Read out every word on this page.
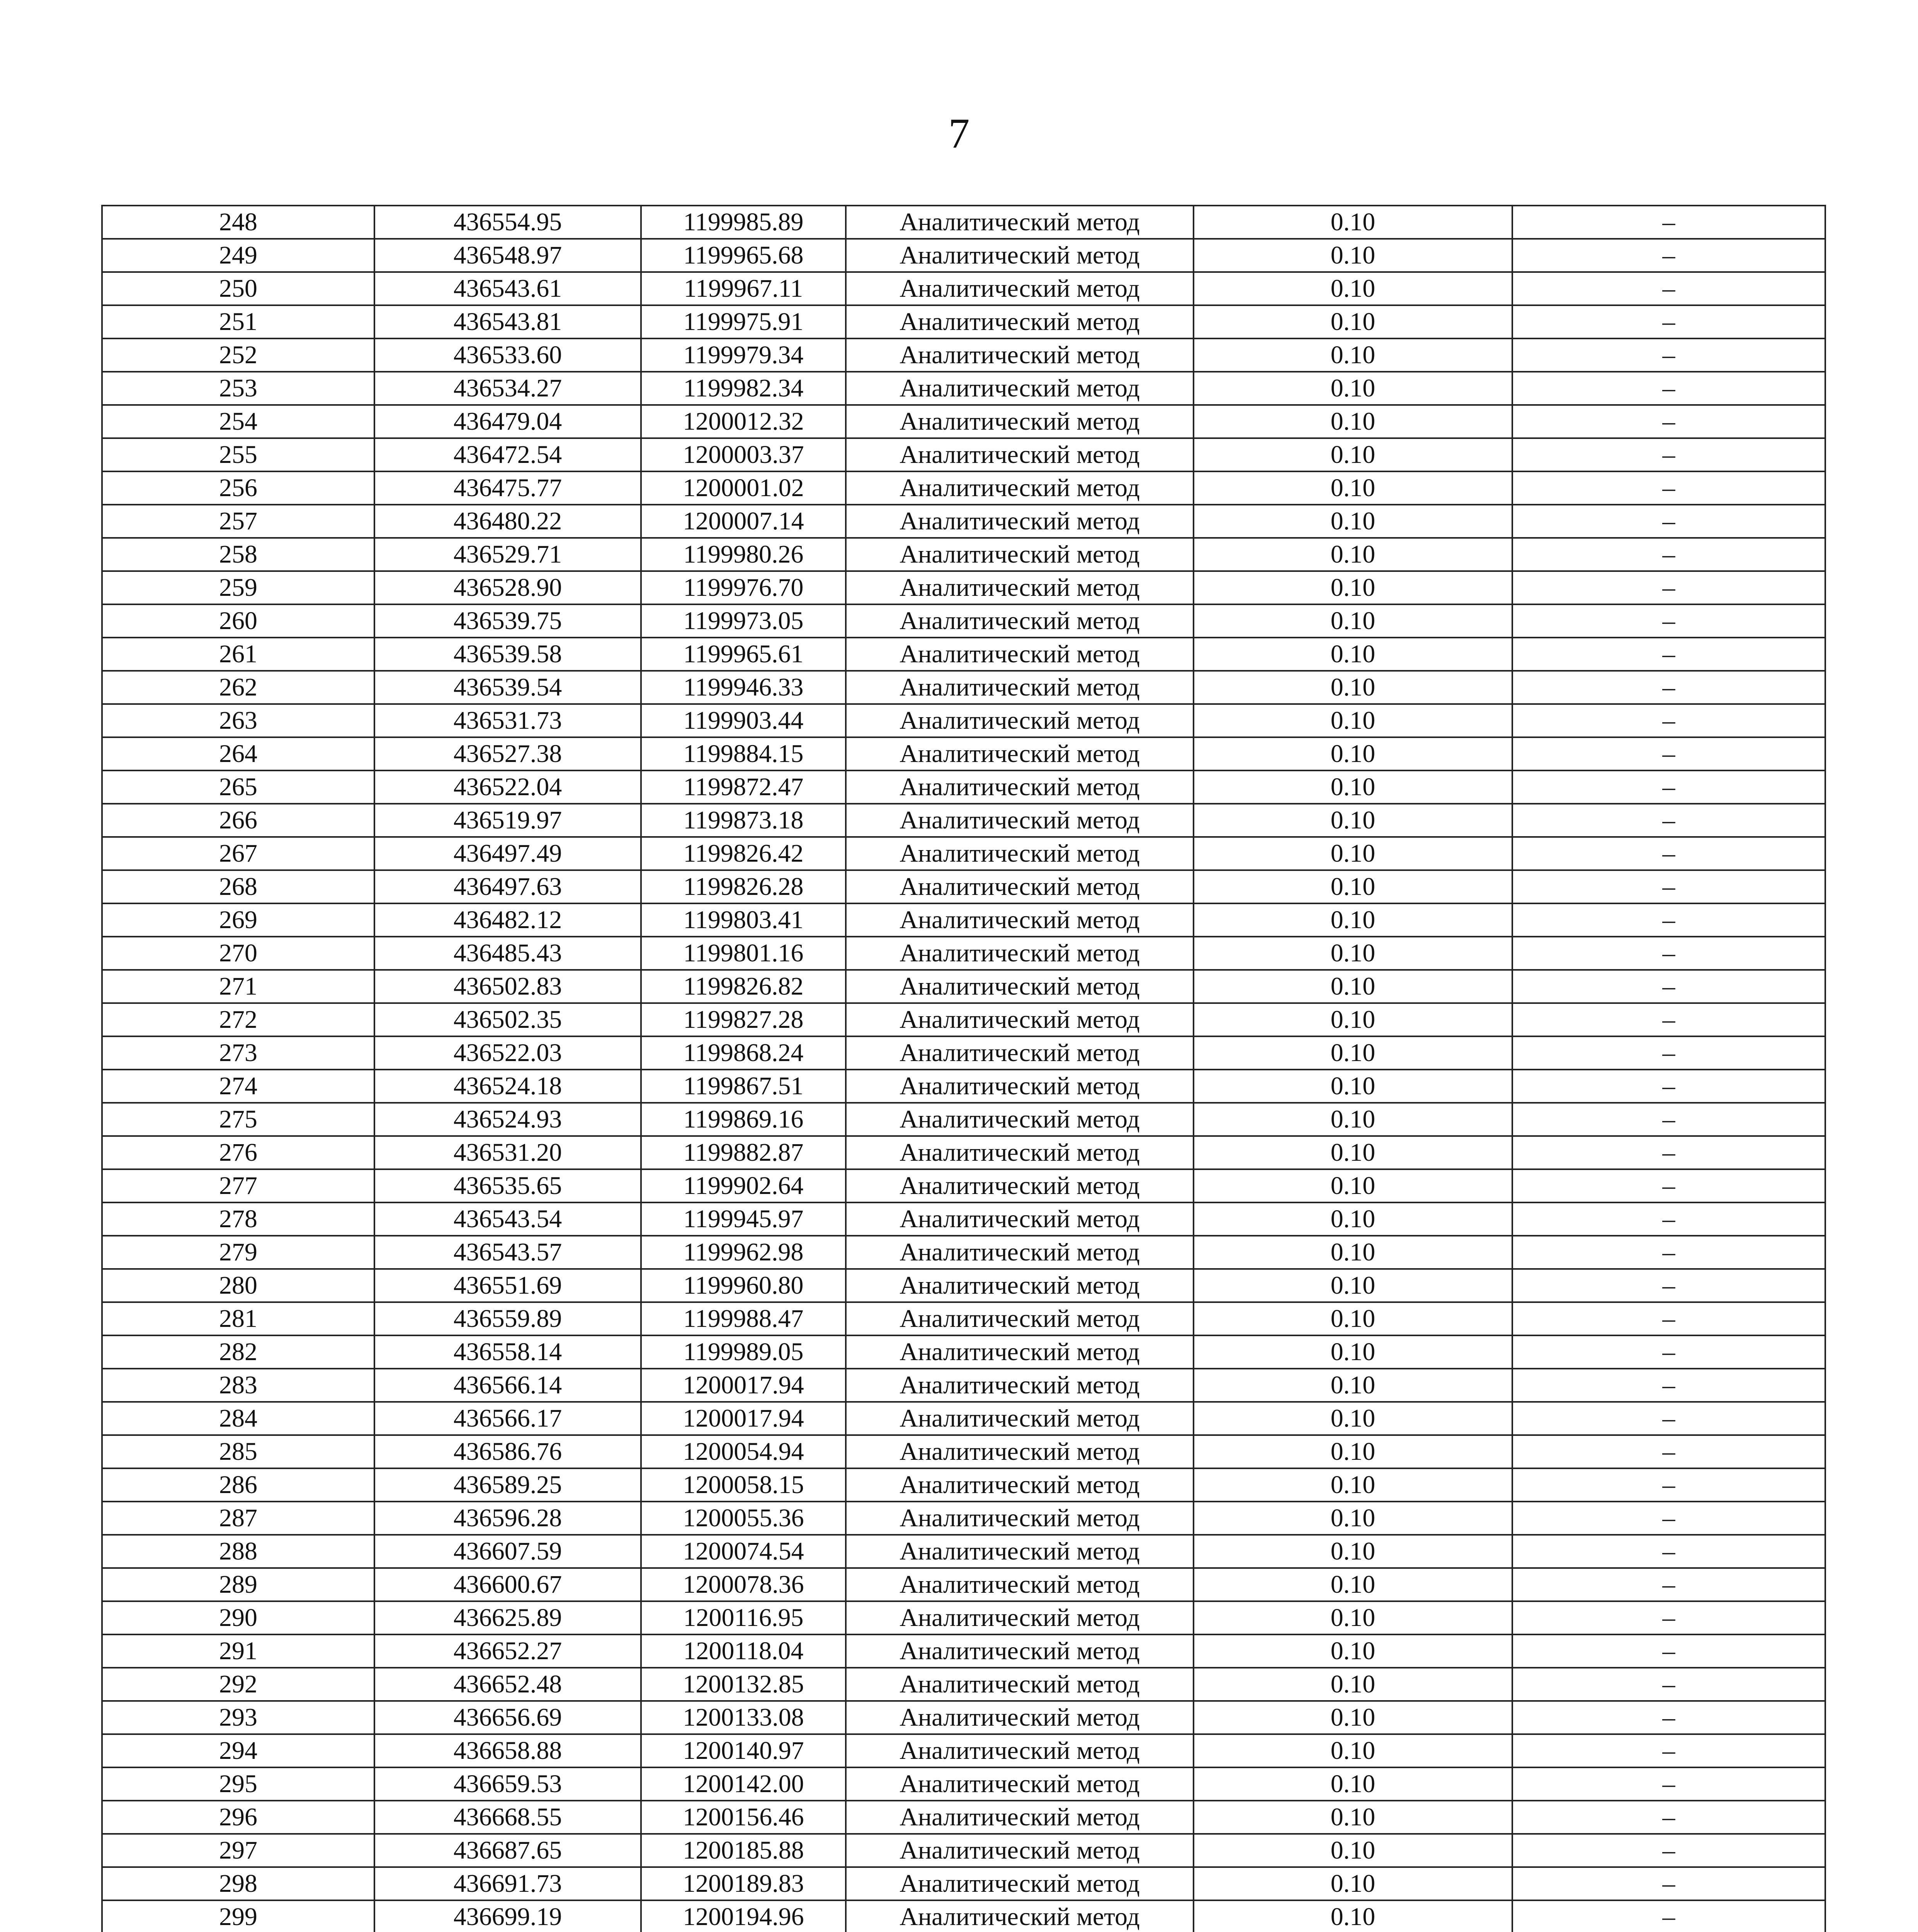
7
248	436554.95	1199985.89	Аналитический метод	0.10	–
249	436548.97	1199965.68	Аналитический метод	0.10	–
250	436543.61	1199967.11	Аналитический метод	0.10	–
251	436543.81	1199975.91	Аналитический метод	0.10	–
252	436533.60	1199979.34	Аналитический метод	0.10	–
253	436534.27	1199982.34	Аналитический метод	0.10	–
254	436479.04	1200012.32	Аналитический метод	0.10	–
255	436472.54	1200003.37	Аналитический метод	0.10	–
256	436475.77	1200001.02	Аналитический метод	0.10	–
257	436480.22	1200007.14	Аналитический метод	0.10	–
258	436529.71	1199980.26	Аналитический метод	0.10	–
259	436528.90	1199976.70	Аналитический метод	0.10	–
260	436539.75	1199973.05	Аналитический метод	0.10	–
261	436539.58	1199965.61	Аналитический метод	0.10	–
262	436539.54	1199946.33	Аналитический метод	0.10	–
263	436531.73	1199903.44	Аналитический метод	0.10	–
264	436527.38	1199884.15	Аналитический метод	0.10	–
265	436522.04	1199872.47	Аналитический метод	0.10	–
266	436519.97	1199873.18	Аналитический метод	0.10	–
267	436497.49	1199826.42	Аналитический метод	0.10	–
268	436497.63	1199826.28	Аналитический метод	0.10	–
269	436482.12	1199803.41	Аналитический метод	0.10	–
270	436485.43	1199801.16	Аналитический метод	0.10	–
271	436502.83	1199826.82	Аналитический метод	0.10	–
272	436502.35	1199827.28	Аналитический метод	0.10	–
273	436522.03	1199868.24	Аналитический метод	0.10	–
274	436524.18	1199867.51	Аналитический метод	0.10	–
275	436524.93	1199869.16	Аналитический метод	0.10	–
276	436531.20	1199882.87	Аналитический метод	0.10	–
277	436535.65	1199902.64	Аналитический метод	0.10	–
278	436543.54	1199945.97	Аналитический метод	0.10	–
279	436543.57	1199962.98	Аналитический метод	0.10	–
280	436551.69	1199960.80	Аналитический метод	0.10	–
281	436559.89	1199988.47	Аналитический метод	0.10	–
282	436558.14	1199989.05	Аналитический метод	0.10	–
283	436566.14	1200017.94	Аналитический метод	0.10	–
284	436566.17	1200017.94	Аналитический метод	0.10	–
285	436586.76	1200054.94	Аналитический метод	0.10	–
286	436589.25	1200058.15	Аналитический метод	0.10	–
287	436596.28	1200055.36	Аналитический метод	0.10	–
288	436607.59	1200074.54	Аналитический метод	0.10	–
289	436600.67	1200078.36	Аналитический метод	0.10	–
290	436625.89	1200116.95	Аналитический метод	0.10	–
291	436652.27	1200118.04	Аналитический метод	0.10	–
292	436652.48	1200132.85	Аналитический метод	0.10	–
293	436656.69	1200133.08	Аналитический метод	0.10	–
294	436658.88	1200140.97	Аналитический метод	0.10	–
295	436659.53	1200142.00	Аналитический метод	0.10	–
296	436668.55	1200156.46	Аналитический метод	0.10	–
297	436687.65	1200185.88	Аналитический метод	0.10	–
298	436691.73	1200189.83	Аналитический метод	0.10	–
299	436699.19	1200194.96	Аналитический метод	0.10	–
